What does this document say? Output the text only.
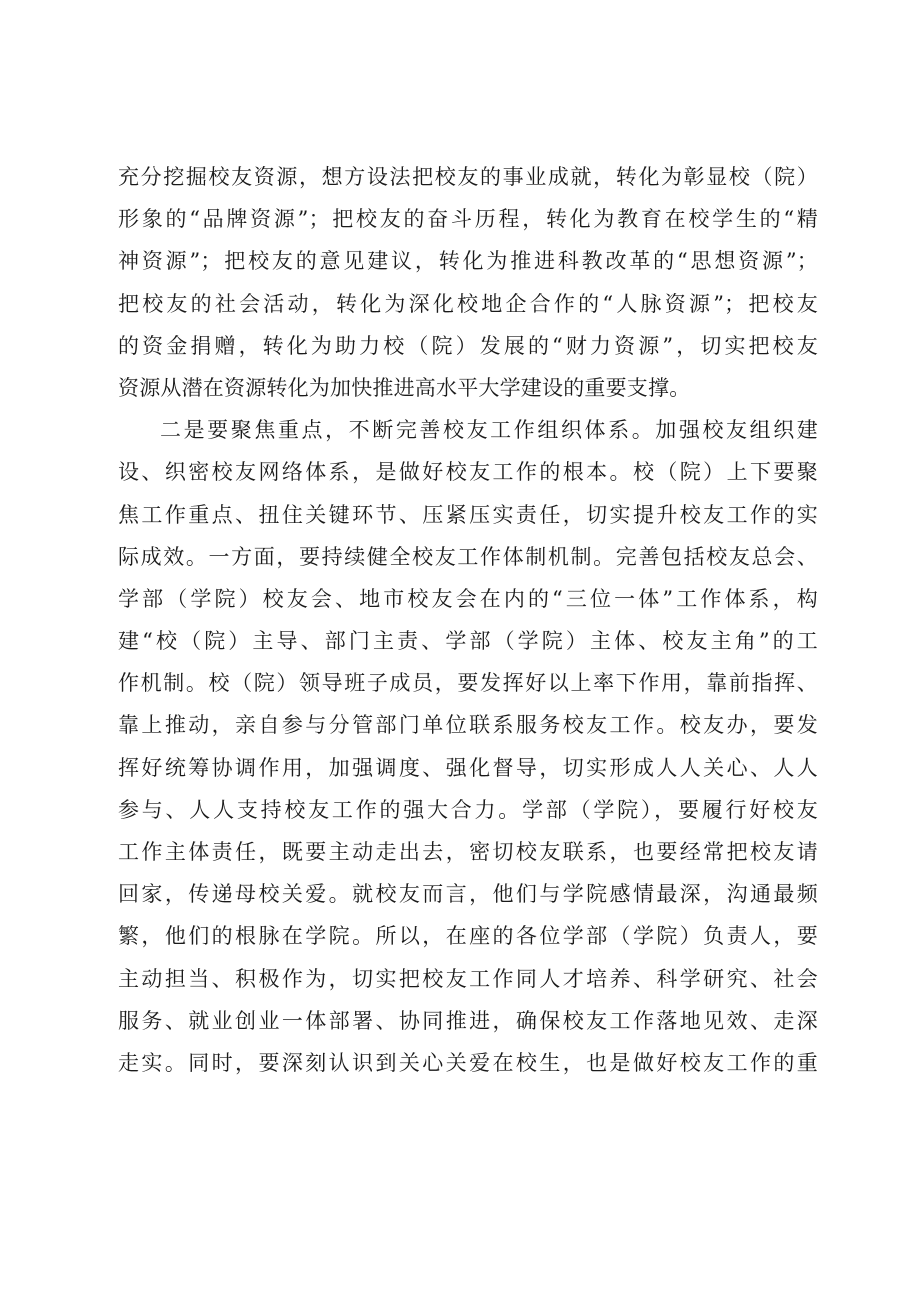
充分挖掘校友资源，想方设法把校友的事业成就，转化为彰显校（院）
形象的“品牌资源”；把校友的奋斗历程，转化为教育在校学生的“精
神资源”；把校友的意见建议，转化为推进科教改革的“思想资源”；
把校友的社会活动，转化为深化校地企合作的“人脉资源”；把校友
的资金捐赠，转化为助力校（院）发展的“财力资源”，切实把校友
资源从潜在资源转化为加快推进高水平大学建设的重要支撑。
二是要聚焦重点，不断完善校友工作组织体系。加强校友组织建
设、织密校友网络体系，是做好校友工作的根本。校（院）上下要聚
焦工作重点、扭住关键环节、压紧压实责任，切实提升校友工作的实
际成效。一方面，要持续健全校友工作体制机制。完善包括校友总会、
学部（学院）校友会、地市校友会在内的“三位一体”工作体系，构
建“校（院）主导、部门主责、学部（学院）主体、校友主角”的工
作机制。校（院）领导班子成员，要发挥好以上率下作用，靠前指挥、
靠上推动，亲自参与分管部门单位联系服务校友工作。校友办，要发
挥好统筹协调作用，加强调度、强化督导，切实形成人人关心、人人
参与、人人支持校友工作的强大合力。学部（学院），要履行好校友
工作主体责任，既要主动走出去，密切校友联系，也要经常把校友请
回家，传递母校关爱。就校友而言，他们与学院感情最深，沟通最频
繁，他们的根脉在学院。所以，在座的各位学部（学院）负责人，要
主动担当、积极作为，切实把校友工作同人才培养、科学研究、社会
服务、就业创业一体部署、协同推进，确保校友工作落地见效、走深
走实。同时，要深刻认识到关心关爱在校生，也是做好校友工作的重
